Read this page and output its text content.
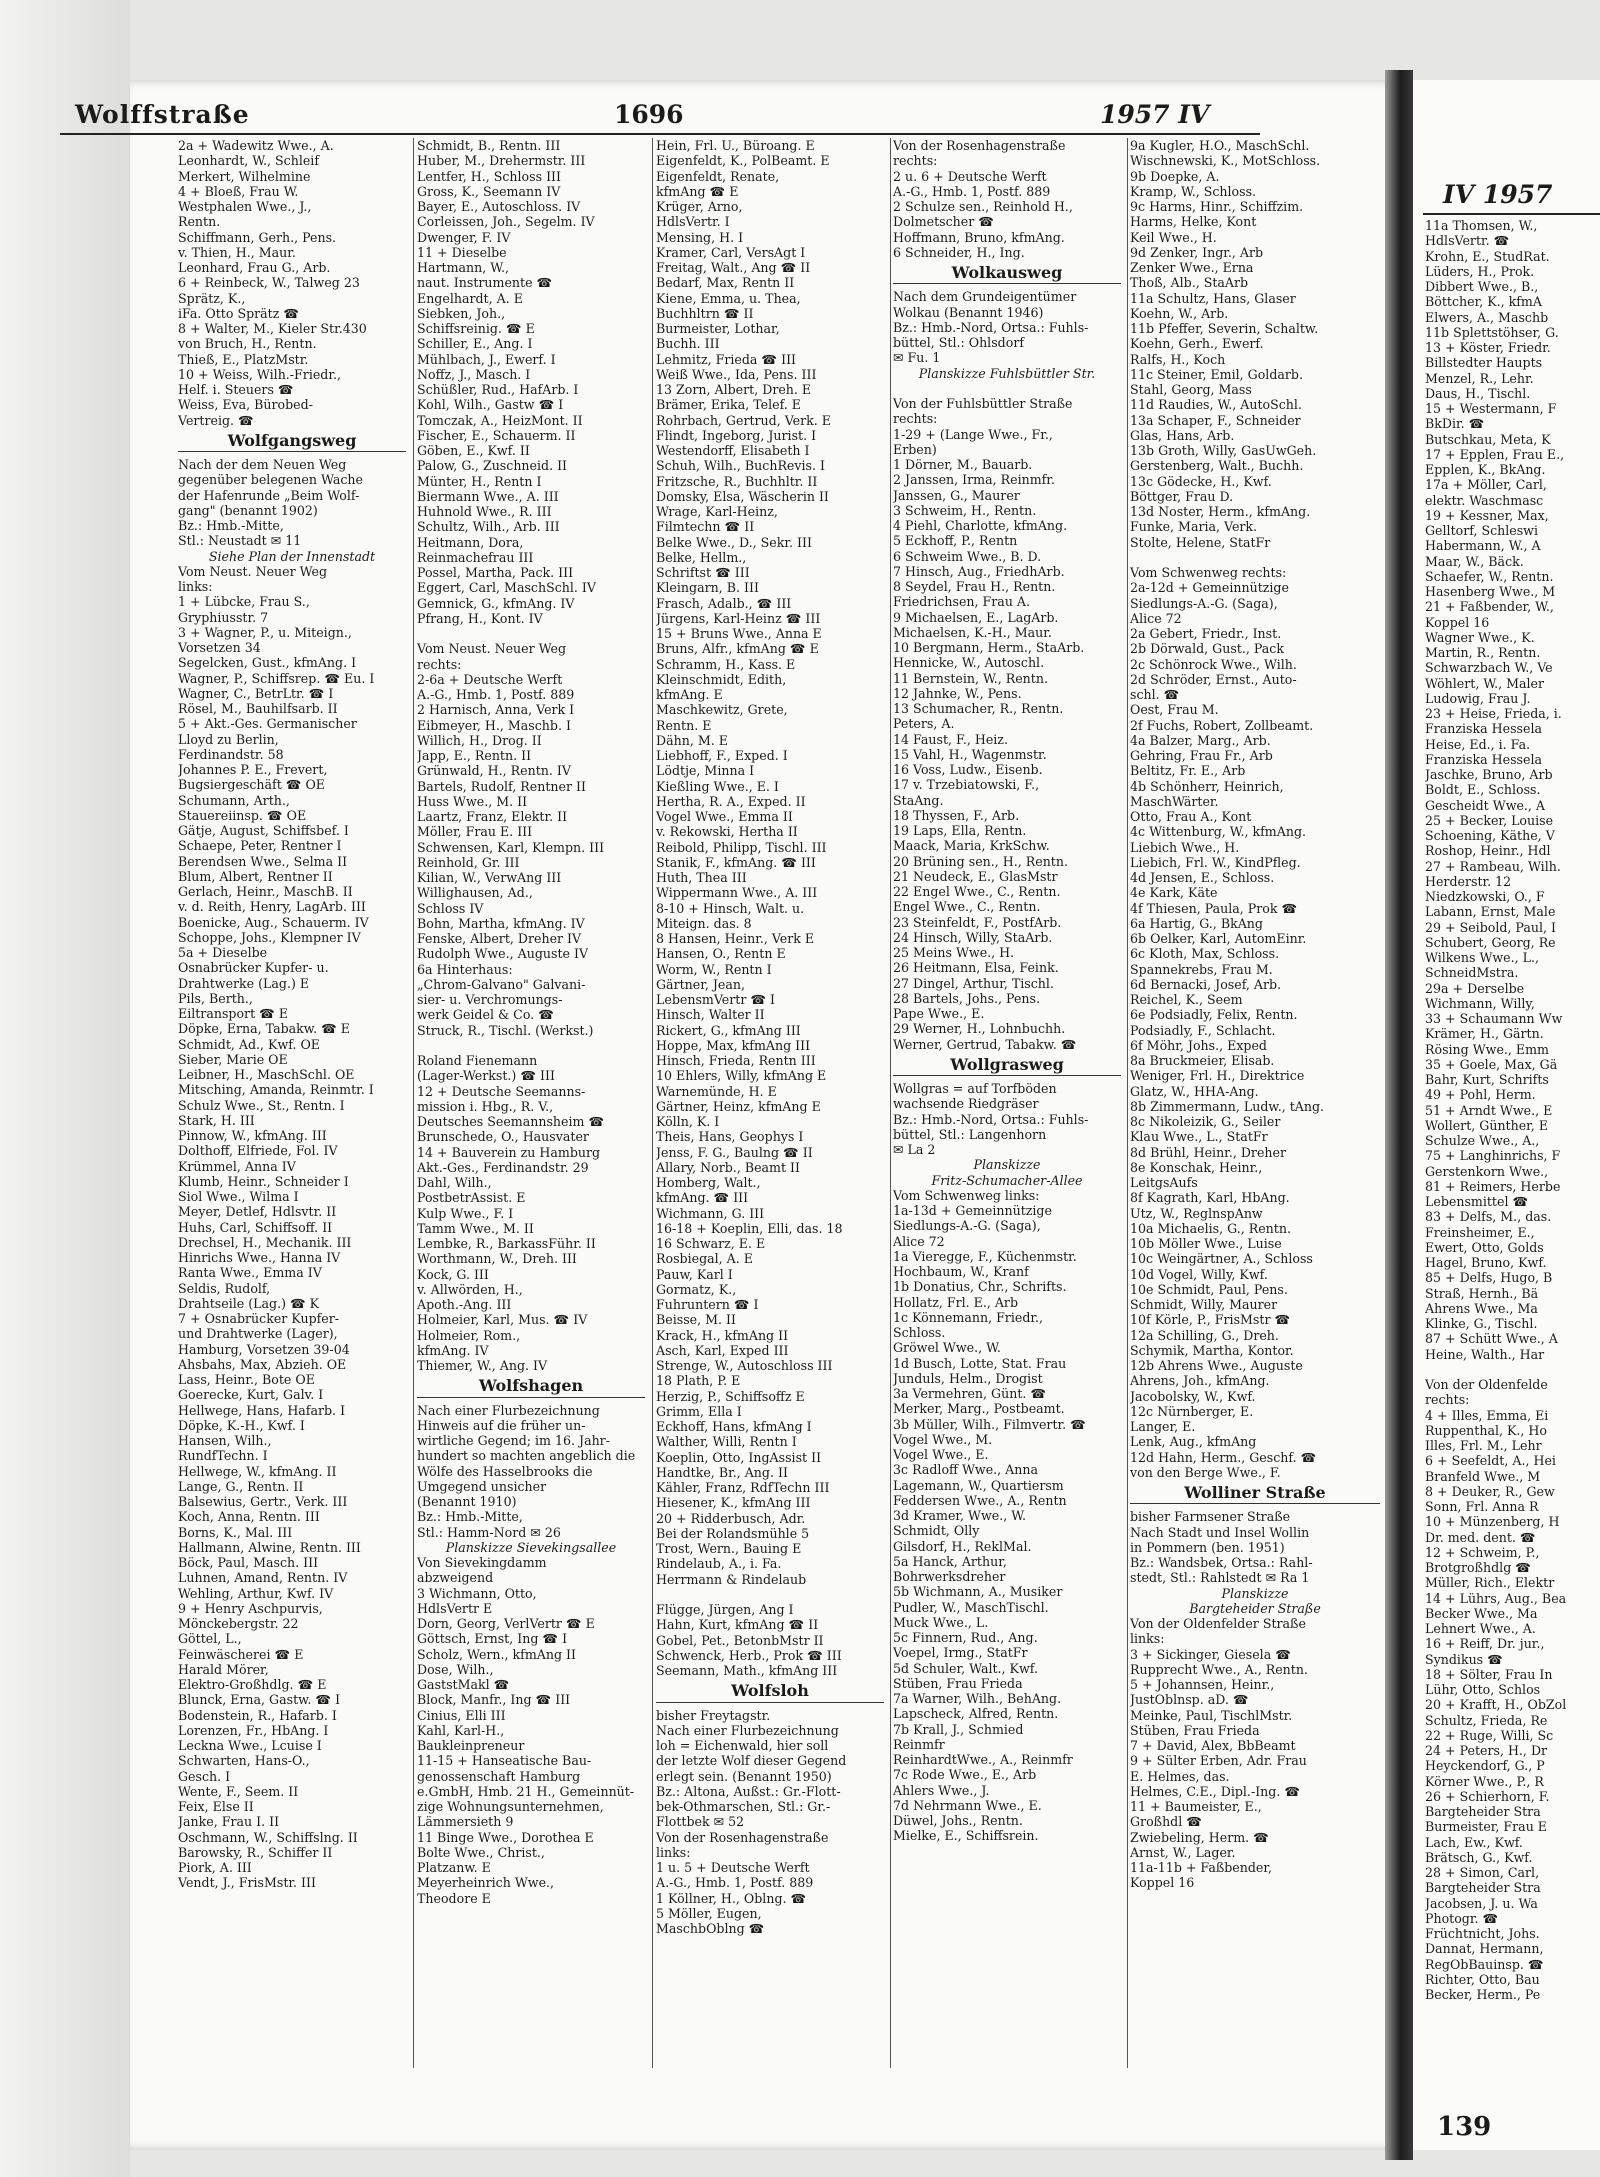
Wolffstraße	1696	1957 IV
2a + Wadewitz Wwe., A.
Leonhardt, W., Schleif
Merkert, Wilhelmine
4 + Bloeß, Frau W.
Westphalen Wwe., J.,
Rentn.
Schiffmann, Gerh., Pens.
v. Thien, H., Maur.
Leonhard, Frau G., Arb.
6 + Reinbeck, W., Talweg 23
Sprätz, K.,
iFa. Otto Sprätz ☎
8 + Walter, M., Kieler Str.430
von Bruch, H., Rentn.
Thieß, E., PlatzMstr.
10 + Weiss, Wilh.-Friedr.,
Helf. i. Steuers ☎
Weiss, Eva, Bürobed-
Vertreig. ☎
Wolfgangsweg
Nach der dem Neuen Weg
gegenüber belegenen Wache
der Hafenrunde „Beim Wolf-
gang" (benannt 1902)
Bz.: Hmb.-Mitte,
Stl.: Neustadt ✉ 11
Siehe Plan der Innenstadt
Vom Neust. Neuer Weg
links:
1 + Lübcke, Frau S.,
Gryphiusstr. 7
3 + Wagner, P., u. Miteign.,
Vorsetzen 34
Segelcken, Gust., kfmAng. I
Wagner, P., Schiffsrep. ☎ Eu. I
Wagner, C., BetrLtr. ☎ I
Rösel, M., Bauhilfsarb. II
5 + Akt.-Ges. Germanischer
Lloyd zu Berlin,
Ferdinandstr. 58
Johannes P. E., Frevert,
Bugsiergeschäft ☎ OE
Schumann, Arth.,
Stauereiinsp. ☎ OE
Gätje, August, Schiffsbef. I
Schaepe, Peter, Rentner I
Berendsen Wwe., Selma II
Blum, Albert, Rentner II
Gerlach, Heinr., MaschB. II
v. d. Reith, Henry, LagArb. III
Boenicke, Aug., Schauerm. IV
Schoppe, Johs., Klempner IV
5a + Dieselbe
Osnabrücker Kupfer- u.
Drahtwerke (Lag.) E
Pils, Berth.,
Eiltransport ☎ E
Döpke, Erna, Tabakw. ☎ E
Schmidt, Ad., Kwf. OE
Sieber, Marie OE
Leibner, H., MaschSchl. OE
Mitsching, Amanda, Reinmtr. I
Schulz Wwe., St., Rentn. I
Stark, H. III
Pinnow, W., kfmAng. III
Dolthoff, Elfriede, Fol. IV
Krümmel, Anna IV
Klumb, Heinr., Schneider I
Siol Wwe., Wilma I
Meyer, Detlef, Hdlsvtr. II
Huhs, Carl, Schiffsoff. II
Drechsel, H., Mechanik. III
Hinrichs Wwe., Hanna IV
Ranta Wwe., Emma IV
Seldis, Rudolf,
Drahtseile (Lag.) ☎ K
7 + Osnabrücker Kupfer-
und Drahtwerke (Lager),
Hamburg, Vorsetzen 39-04
Ahsbahs, Max, Abzieh. OE
Lass, Heinr., Bote OE
Goerecke, Kurt, Galv. I
Hellwege, Hans, Hafarb. I
Döpke, K.-H., Kwf. I
Hansen, Wilh.,
RundfTechn. I
Hellwege, W., kfmAng. II
Lange, G., Rentn. II
Balsewius, Gertr., Verk. III
Koch, Anna, Rentn. III
Borns, K., Mal. III
Hallmann, Alwine, Rentn. III
Böck, Paul, Masch. III
Luhnen, Amand, Rentn. IV
Wehling, Arthur, Kwf. IV
9 + Henry Aschpurvis,
Mönckebergstr. 22
Göttel, L.,
Feinwäscherei ☎ E
Harald Mörer,
Elektro-Großhdlg. ☎ E
Blunck, Erna, Gastw. ☎ I
Bodenstein, R., Hafarb. I
Lorenzen, Fr., HbAng. I
Leckna Wwe., Lcuise I
Schwarten, Hans-O.,
Gesch. I
Wente, F., Seem. II
Feix, Else II
Janke, Frau I. II
Oschmann, W., Schiffslng. II
Barowsky, R., Schiffer II
Piork, A. III
Vendt, J., FrisMstr. III
Schmidt, B., Rentn. III
Huber, M., Drehermstr. III
Lentfer, H., Schloss III
Gross, K., Seemann IV
Bayer, E., Autoschloss. IV
Corleissen, Joh., Segelm. IV
Dwenger, F. IV
11 + Dieselbe
Hartmann, W.,
naut. Instrumente ☎
Engelhardt, A. E
Siebken, Joh.,
Schiffsreinig. ☎ E
Schiller, E., Ang. I
Mühlbach, J., Ewerf. I
Noffz, J., Masch. I
Schüßler, Rud., HafArb. I
Kohl, Wilh., Gastw ☎ I
Tomczak, A., HeizMont. II
Fischer, E., Schauerm. II
Göben, E., Kwf. II
Palow, G., Zuschneid. II
Münter, H., Rentn I
Biermann Wwe., A. III
Huhnold Wwe., R. III
Schultz, Wilh., Arb. III
Heitmann, Dora,
Reinmachefrau III
Possel, Martha, Pack. III
Eggert, Carl, MaschSchl. IV
Gemnick, G., kfmAng. IV
Pfrang, H., Kont. IV

Vom Neust. Neuer Weg
rechts:
2-6a + Deutsche Werft
A.-G., Hmb. 1, Postf. 889
2 Harnisch, Anna, Verk I
Eibmeyer, H., Maschb. I
Willich, H., Drog. II
Japp, E., Rentn. II
Grünwald, H., Rentn. IV
Bartels, Rudolf, Rentner II
Huss Wwe., M. II
Laartz, Franz, Elektr. II
Möller, Frau E. III
Schwensen, Karl, Klempn. III
Reinhold, Gr. III
Kilian, W., VerwAng III
Willighausen, Ad.,
Schloss IV
Bohn, Martha, kfmAng. IV
Fenske, Albert, Dreher IV
Rudolph Wwe., Auguste IV
6a Hinterhaus:
„Chrom-Galvano" Galvani-
sier- u. Verchromungs-
werk Geidel & Co. ☎
Struck, R., Tischl. (Werkst.)

Roland Fienemann
(Lager-Werkst.) ☎ III
12 + Deutsche Seemanns-
mission i. Hbg., R. V.,
Deutsches Seemannsheim ☎
Brunschede, O., Hausvater
14 + Bauverein zu Hamburg
Akt.-Ges., Ferdinandstr. 29
Dahl, Wilh.,
PostbetrAssist. E
Kulp Wwe., F. I
Tamm Wwe., M. II
Lembke, R., BarkassFühr. II
Worthmann, W., Dreh. III
Kock, G. III
v. Allwörden, H.,
Apoth.-Ang. III
Holmeier, Karl, Mus. ☎ IV
Holmeier, Rom.,
kfmAng. IV
Thiemer, W., Ang. IV
Wolfshagen
Nach einer Flurbezeichnung
Hinweis auf die früher un-
wirtliche Gegend; im 16. Jahr-
hundert so machten angeblich die
Wölfe des Hasselbrooks die
Umgegend unsicher
(Benannt 1910)
Bz.: Hmb.-Mitte,
Stl.: Hamm-Nord ✉ 26
Planskizze Sievekingsallee
Von Sievekingdamm
abzweigend
3 Wichmann, Otto,
HdlsVertr E
Dorn, Georg, VerlVertr ☎ E
Göttsch, Ernst, Ing ☎ I
Scholz, Wern., kfmAng II
Dose, Wilh.,
GaststMakl ☎
Block, Manfr., Ing ☎ III
Cinius, Elli III
Kahl, Karl-H.,
Baukleinpreneur
11-15 + Hanseatische Bau-
genossenschaft Hamburg
e.GmbH, Hmb. 21 H., Gemeinnüt-
zige Wohnungsunternehmen,
Lämmersieth 9
11 Binge Wwe., Dorothea E
Bolte Wwe., Christ.,
Platzanw. E
Meyerheinrich Wwe.,
Theodore E
Hein, Frl. U., Büroang. E
Eigenfeldt, K., PolBeamt. E
Eigenfeldt, Renate,
kfmAng ☎ E
Krüger, Arno,
HdlsVertr. I
Mensing, H. I
Kramer, Carl, VersAgt I
Freitag, Walt., Ang ☎ II
Bedarf, Max, Rentn II
Kiene, Emma, u. Thea,
Buchhltrn ☎ II
Burmeister, Lothar,
Buchh. III
Lehmitz, Frieda ☎ III
Weiß Wwe., Ida, Pens. III
13 Zorn, Albert, Dreh. E
Brämer, Erika, Telef. E
Rohrbach, Gertrud, Verk. E
Flindt, Ingeborg, Jurist. I
Westendorff, Elisabeth I
Schuh, Wilh., BuchRevis. I
Fritzsche, R., Buchhltr. II
Domsky, Elsa, Wäscherin II
Wrage, Karl-Heinz,
Filmtechn ☎ II
Belke Wwe., D., Sekr. III
Belke, Hellm.,
Schriftst ☎ III
Kleingarn, B. III
Frasch, Adalb., ☎ III
Jürgens, Karl-Heinz ☎ III
15 + Bruns Wwe., Anna E
Bruns, Alfr., kfmAng ☎ E
Schramm, H., Kass. E
Kleinschmidt, Edith,
kfmAng. E
Maschkewitz, Grete,
Rentn. E
Dähn, M. E
Liebhoff, F., Exped. I
Lödtje, Minna I
Kießling Wwe., E. I
Hertha, R. A., Exped. II
Vogel Wwe., Emma II
v. Rekowski, Hertha II
Reibold, Philipp, Tischl. III
Stanik, F., kfmAng. ☎ III
Huth, Thea III
Wippermann Wwe., A. III
8-10 + Hinsch, Walt. u.
Miteign. das. 8
8 Hansen, Heinr., Verk E
Hansen, O., Rentn E
Worm, W., Rentn I
Gärtner, Jean,
LebensmVertr ☎ I
Hinsch, Walter II
Rickert, G., kfmAng III
Hoppe, Max, kfmAng III
Hinsch, Frieda, Rentn III
10 Ehlers, Willy, kfmAng E
Warnemünde, H. E
Gärtner, Heinz, kfmAng E
Kölln, K. I
Theis, Hans, Geophys I
Jenss, F. G., Baulng ☎ II
Allary, Norb., Beamt II
Homberg, Walt.,
kfmAng. ☎ III
Wichmann, G. III
16-18 + Koeplin, Elli, das. 18
16 Schwarz, E. E
Rosbiegal, A. E
Pauw, Karl I
Gormatz, K.,
Fuhruntern ☎ I
Beisse, M. II
Krack, H., kfmAng II
Asch, Karl, Exped III
Strenge, W., Autoschloss III
18 Plath, P. E
Herzig, P., Schiffsoffz E
Grimm, Ella I
Eckhoff, Hans, kfmAng I
Walther, Willi, Rentn I
Koeplin, Otto, IngAssist II
Handtke, Br., Ang. II
Kähler, Franz, RdfTechn III
Hiesener, K., kfmAng III
20 + Ridderbusch, Adr.
Bei der Rolandsmühle 5
Trost, Wern., Bauing E
Rindelaub, A., i. Fa.
Herrmann & Rindelaub

Flügge, Jürgen, Ang I
Hahn, Kurt, kfmAng ☎ II
Gobel, Pet., BetonbMstr II
Schwenck, Herb., Prok ☎ III
Seemann, Math., kfmAng III
Wolfsloh
bisher Freytagstr.
Nach einer Flurbezeichnung
loh = Eichenwald, hier soll
der letzte Wolf dieser Gegend
erlegt sein. (Benannt 1950)
Bz.: Altona, Außst.: Gr.-Flott-
bek-Othmarschen, Stl.: Gr.-
Flottbek ✉ 52
Von der Rosenhagenstraße
links:
1 u. 5 + Deutsche Werft
A.-G., Hmb. 1, Postf. 889
1 Köllner, H., Oblng. ☎
5 Möller, Eugen,
MaschbOblng ☎
Von der Rosenhagenstraße
rechts:
2 u. 6 + Deutsche Werft
A.-G., Hmb. 1, Postf. 889
2 Schulze sen., Reinhold H.,
Dolmetscher ☎
Hoffmann, Bruno, kfmAng.
6 Schneider, H., Ing.
Wolkausweg
Nach dem Grundeigentümer
Wolkau (Benannt 1946)
Bz.: Hmb.-Nord, Ortsa.: Fuhls-
büttel, Stl.: Ohlsdorf
✉ Fu. 1
Planskizze Fuhlsbüttler Str.

Von der Fuhlsbüttler Straße
rechts:
1-29 + (Lange Wwe., Fr.,
Erben)
1 Dörner, M., Bauarb.
2 Janssen, Irma, Reinmfr.
Janssen, G., Maurer
3 Schweim, H., Rentn.
4 Piehl, Charlotte, kfmAng.
5 Eckhoff, P., Rentn
6 Schweim Wwe., B. D.
7 Hinsch, Aug., FriedhArb.
8 Seydel, Frau H., Rentn.
Friedrichsen, Frau A.
9 Michaelsen, E., LagArb.
Michaelsen, K.-H., Maur.
10 Bergmann, Herm., StaArb.
Hennicke, W., Autoschl.
11 Bernstein, W., Rentn.
12 Jahnke, W., Pens.
13 Schumacher, R., Rentn.
Peters, A.
14 Faust, F., Heiz.
15 Vahl, H., Wagenmstr.
16 Voss, Ludw., Eisenb.
17 v. Trzebiatowski, F.,
StaAng.
18 Thyssen, F., Arb.
19 Laps, Ella, Rentn.
Maack, Maria, KrkSchw.
20 Brüning sen., H., Rentn.
21 Neudeck, E., GlasMstr
22 Engel Wwe., C., Rentn.
Engel Wwe., C., Rentn.
23 Steinfeldt, F., PostfArb.
24 Hinsch, Willy, StaArb.
25 Meins Wwe., H.
26 Heitmann, Elsa, Feink.
27 Dingel, Arthur, Tischl.
28 Bartels, Johs., Pens.
Pape Wwe., E.
29 Werner, H., Lohnbuchh.
Werner, Gertrud, Tabakw. ☎
Wollgrasweg
Wollgras = auf Torfböden
wachsende Riedgräser
Bz.: Hmb.-Nord, Ortsa.: Fuhls-
büttel, Stl.: Langenhorn
✉ La 2
Planskizze
Fritz-Schumacher-Allee
Vom Schwenweg links:
1a-13d + Gemeinnützige
Siedlungs-A.-G. (Saga),
Alice 72
1a Vieregge, F., Küchenmstr.
Hochbaum, W., Kranf
1b Donatius, Chr., Schrifts.
Hollatz, Frl. E., Arb
1c Könnemann, Friedr.,
Schloss.
Gröwel Wwe., W.
1d Busch, Lotte, Stat. Frau
Junduls, Helm., Drogist
3a Vermehren, Günt. ☎
Merker, Marg., Postbeamt.
3b Müller, Wilh., Filmvertr. ☎
Vogel Wwe., M.
Vogel Wwe., E.
3c Radloff Wwe., Anna
Lagemann, W., Quartiersm
Feddersen Wwe., A., Rentn
3d Kramer, Wwe., W.
Schmidt, Olly
Gilsdorf, H., ReklMal.
5a Hanck, Arthur,
Bohrwerksdreher
5b Wichmann, A., Musiker
Pudler, W., MaschTischl.
Muck Wwe., L.
5c Finnern, Rud., Ang.
Voepel, Irmg., StatFr
5d Schuler, Walt., Kwf.
Stüben, Frau Frieda
7a Warner, Wilh., BehAng.
Lapscheck, Alfred, Rentn.
7b Krall, J., Schmied
Reinmfr
ReinhardtWwe., A., Reinmfr
7c Rode Wwe., E., Arb
Ahlers Wwe., J.
7d Nehrmann Wwe., E.
Düwel, Johs., Rentn.
Mielke, E., Schiffsrein.
9a Kugler, H.O., MaschSchl.
Wischnewski, K., MotSchloss.
9b Doepke, A.
Kramp, W., Schloss.
9c Harms, Hinr., Schiffzim.
Harms, Helke, Kont
Keil Wwe., H.
9d Zenker, Ingr., Arb
Zenker Wwe., Erna
Thoß, Alb., StaArb
11a Schultz, Hans, Glaser
Koehn, W., Arb.
11b Pfeffer, Severin, Schaltw.
Koehn, Gerh., Ewerf.
Ralfs, H., Koch
11c Steiner, Emil, Goldarb.
Stahl, Georg, Mass
11d Raudies, W., AutoSchl.
13a Schaper, F., Schneider
Glas, Hans, Arb.
13b Groth, Willy, GasUwGeh.
Gerstenberg, Walt., Buchh.
13c Gödecke, H., Kwf.
Böttger, Frau D.
13d Noster, Herm., kfmAng.
Funke, Maria, Verk.
Stolte, Helene, StatFr

Vom Schwenweg rechts:
2a-12d + Gemeinnützige
Siedlungs-A.-G. (Saga),
Alice 72
2a Gebert, Friedr., Inst.
2b Dörwald, Gust., Pack
2c Schönrock Wwe., Wilh.
2d Schröder, Ernst., Auto-
schl. ☎
Oest, Frau M.
2f Fuchs, Robert, Zollbeamt.
4a Balzer, Marg., Arb.
Gehring, Frau Fr., Arb
Beltitz, Fr. E., Arb
4b Schönherr, Heinrich,
MaschWärter.
Otto, Frau A., Kont
4c Wittenburg, W., kfmAng.
Liebich Wwe., H.
Liebich, Frl. W., KindPfleg.
4d Jensen, E., Schloss.
4e Kark, Käte
4f Thiesen, Paula, Prok ☎
6a Hartig, G., BkAng
6b Oelker, Karl, AutomEinr.
6c Kloth, Max, Schloss.
Spannekrebs, Frau M.
6d Bernacki, Josef, Arb.
Reichel, K., Seem
6e Podsiadly, Felix, Rentn.
Podsiadly, F., Schlacht.
6f Möhr, Johs., Exped
8a Bruckmeier, Elisab.
Weniger, Frl. H., Direktrice
Glatz, W., HHA-Ang.
8b Zimmermann, Ludw., tAng.
8c Nikoleizik, G., Seiler
Klau Wwe., L., StatFr
8d Brühl, Heinr., Dreher
8e Konschak, Heinr.,
LeitgsAufs
8f Kagrath, Karl, HbAng.
Utz, W., ReglnspAnw
10a Michaelis, G., Rentn.
10b Möller Wwe., Luise
10c Weingärtner, A., Schloss
10d Vogel, Willy, Kwf.
10e Schmidt, Paul, Pens.
Schmidt, Willy, Maurer
10f Körle, P., FrisMstr ☎
12a Schilling, G., Dreh.
Schymik, Martha, Kontor.
12b Ahrens Wwe., Auguste
Ahrens, Joh., kfmAng.
Jacobolsky, W., Kwf.
12c Nürnberger, E.
Langer, E.
Lenk, Aug., kfmAng
12d Hahn, Herm., Geschf. ☎
von den Berge Wwe., F.
Wolliner Straße
bisher Farmsener Straße
Nach Stadt und Insel Wollin
in Pommern (ben. 1951)
Bz.: Wandsbek, Ortsa.: Rahl-
stedt, Stl.: Rahlstedt ✉ Ra 1
Planskizze
Bargteheider Straße
Von der Oldenfelder Straße
links:
3 + Sickinger, Giesela ☎
Rupprecht Wwe., A., Rentn.
5 + Johannsen, Heinr.,
JustOblnsp. aD. ☎
Meinke, Paul, TischlMstr.
Stüben, Frau Frieda
7 + David, Alex, BbBeamt
9 + Sülter Erben, Adr. Frau
E. Helmes, das.
Helmes, C.E., Dipl.-Ing. ☎
11 + Baumeister, E.,
Großhdl ☎
Zwiebeling, Herm. ☎
Arnst, W., Lager.
11a-11b + Faßbender,
Koppel 16
IV 1957
11a Thomsen, W.,
HdlsVertr. ☎
Krohn, E., StudRat.
Lüders, H., Prok.
Dibbert Wwe., B.,
Böttcher, K., kfmA
Elwers, A., Maschb
11b Splettstöhser, G.
13 + Köster, Friedr.
Billstedter Haupts
Menzel, R., Lehr.
Daus, H., Tischl.
15 + Westermann, F
BkDir. ☎
Butschkau, Meta, K
17 + Epplen, Frau E.,
Epplen, K., BkAng.
17a + Möller, Carl,
elektr. Waschmasc
19 + Kessner, Max,
Gelltorf, Schleswi
Habermann, W., A
Maar, W., Bäck.
Schaefer, W., Rentn.
Hasenberg Wwe., M
21 + Faßbender, W.,
Koppel 16
Wagner Wwe., K.
Martin, R., Rentn.
Schwarzbach W., Ve
Wöhlert, W., Maler
Ludowig, Frau J.
23 + Heise, Frieda, i.
Franziska Hessela
Heise, Ed., i. Fa.
Franziska Hessela
Jaschke, Bruno, Arb
Boldt, E., Schloss.
Gescheidt Wwe., A
25 + Becker, Louise
Schoening, Käthe, V
Roshop, Heinr., Hdl
27 + Rambeau, Wilh.
Herderstr. 12
Niedzkowski, O., F
Labann, Ernst, Male
29 + Seibold, Paul, I
Schubert, Georg, Re
Wilkens Wwe., L.,
SchneidMstra.
29a + Derselbe
Wichmann, Willy,
33 + Schaumann Ww
Krämer, H., Gärtn.
Rösing Wwe., Emm
35 + Goele, Max, Gä
Bahr, Kurt, Schrifts
49 + Pohl, Herm.
51 + Arndt Wwe., E
Wollert, Günther, E
Schulze Wwe., A.,
75 + Langhinrichs, F
Gerstenkorn Wwe.,
81 + Reimers, Herbe
Lebensmittel ☎
83 + Delfs, M., das.
Freinsheimer, E.,
Ewert, Otto, Golds
Hagel, Bruno, Kwf.
85 + Delfs, Hugo, B
Straß, Hernh., Bä
Ahrens Wwe., Ma
Klinke, G., Tischl.
87 + Schütt Wwe., A
Heine, Walth., Har

Von der Oldenfelde
rechts:
4 + Illes, Emma, Ei
Ruppenthal, K., Ho
Illes, Frl. M., Lehr
6 + Seefeldt, A., Hei
Branfeld Wwe., M
8 + Deuker, R., Gew
Sonn, Frl. Anna R
10 + Münzenberg, H
Dr. med. dent. ☎
12 + Schweim, P.,
Brotgroßhdlg ☎
Müller, Rich., Elektr
14 + Lührs, Aug., Bea
Becker Wwe., Ma
Lehnert Wwe., A.
16 + Reiff, Dr. jur.,
Syndikus ☎
18 + Sölter, Frau In
Lühr, Otto, Schlos
20 + Krafft, H., ObZol
Schultz, Frieda, Re
22 + Ruge, Willi, Sc
24 + Peters, H., Dr
Heyckendorf, G., P
Körner Wwe., P., R
26 + Schierhorn, F.
Bargteheider Stra
Burmeister, Frau E
Lach, Ew., Kwf.
Brätsch, G., Kwf.
28 + Simon, Carl,
Bargteheider Stra
Jacobsen, J. u. Wa
Photogr. ☎
Früchtnicht, Johs.
Dannat, Hermann,
RegObBauinsp. ☎
Richter, Otto, Bau
Becker, Herm., Pe
139
